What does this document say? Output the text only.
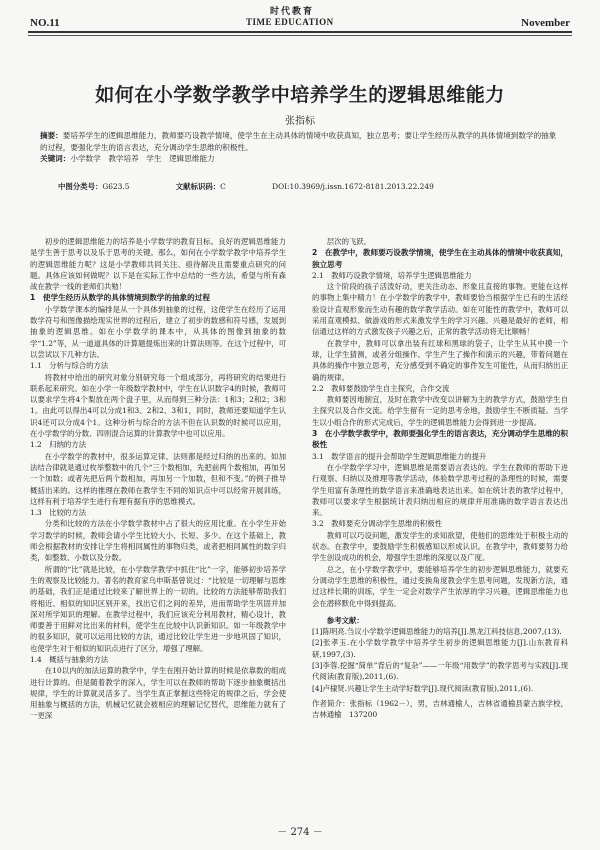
时代教育
NO.11	TIME EDUCATION	November
如何在小学数学教学中培养学生的逻辑思维能力
张指标
摘要：要培养学生的逻辑思维能力，教师要巧设教学情境，使学生在主动具体的情境中收获真知，独立思考；要让学生经历从教学的具体情境到数学的抽象的过程，要强化学生的语言表达，充分调动学生思维的积极性。
关键词：小学数学　教学培养　学生　逻辑思维能力
中图分类号：G623.5	文献标识码：C	DOI:10.3969/j.issn.1672-8181.2013.22.249

初步的逻辑思维能力的培养是小学数学的教育目标。良好的逻辑思维能力是学生善于思考以及乐于思考的关键。那么，如何在小学数学教学中培养学生的逻辑思维能力呢？这是小学教师共同关注、亟待解决且需要重点研究的问题。具体应该如何做呢？以下是在实际工作中总结的一些方法，希望与所有森战在教学一线的老师们共勉！

1　使学生经历从数学的具体情境到数学的抽象的过程

小学数学课本的编排是从一个具体到抽象的过程，这使学生在经历了运用数学符号和图像描绘现实世界的过程后，建立了初步的数感和符号感，发展到抽象的逻辑思维。如在小学数学的课本中，从具体的图像到抽象的数学“1.2”等，从一道道具体的计算题提炼出来的计算法则等。在这个过程中，可以尝试以下几种方法。

1.1　分析与综合的方法

将教材中给出的研究对象分别研究每一个组成部分，再将研究的结果进行联系起来研究。如在小学一年级数学教材中，学生在认识数字4的时候，教师可以要求学生将4个梨放在两个盘子里，从而得到三种分法：1和3；2和2；3和1。由此可以得出4可以分成1和3、2和2、3和1，同时，教师还要知道学生认识4还可以分成4个1。这种分析与综合的方法不但在认识数的时候可以应用，在小学数学的分数、四则混合运算的计算教学中也可以应用。

1.2　归纳的方法

在小学数学的教材中，很多运算定律、法则都是经过归纳的出来的。如加法结合律就是通过枚举整数中的几个“三个数相加，先把前两个数相加，再加另一个加数；或者先把后两个数相加，再加另一个加数，但和不变。”的例子推导概括出来的。这样的推理在教师在教学生不同的知识点中可以经常开展训练，这样有利于培养学生进行有理有据有序的思维模式。

1.3　比较的方法

分类和比较的方法在小学数学教材中占了很大的应用比重。在小学生开始学习数学的时候，教师会请小学生比较大小、长短、多少。在这个基础上，教师会根据教材的安排让学生将相同属性的事物归类，或者把相同属性的数字归类，如整数、小数以及分数。

所谓的“比”就是比较，在小学数学教学中抓住“比”一字，能够初步培养学生的观察及比较能力。著名的教育家乌申斯基曾说过：“比较是一切理解与思维的基础，我们正是通过比较来了解世界上的一切的。比较的方法能够帮助我们将相近、相似的知识区别开来，找出它们之间的差异，进而帮助学生巩固并加深对所学知识的理解。在教学过程中，我们应该充分利用教材，精心设计，教师要善于用鲜对比出来的材料，使学生在比较中认识新知识。如一年级教学中的很多知识，就可以运用比较的方法，通过比较让学生进一步地巩固了知识，也使学生对于相似的知识点进行了区分，增强了理解。

1.4　概括与抽象的方法

在10以内的加法运算的教学中，学生在刚开始计算的时候是依靠数的组成进行计算的。但是随着教学的深入，学生可以在教师的帮助下逐步抽象概括出规律，学生的计算就灵活多了。当学生真正掌握这些特定的规律之后，学会使用抽象与概括的方法，机械记忆就会被相应的理解记忆替代，思维能力就有了一更深

层次的飞跃。

2　在教学中，教师要巧设教学情境，使学生在主动具体的情境中收获真知，独立思考
2.1　教师巧设教学情境，培养学生逻辑思维能力

这个阶段的孩子活泼好动，更关注动态、形象且直接的事物。更能在这样的事物上集中精力！在小学数学的教学中，教师要恰当根据学生已有的生活经验设计直观形象而生动有趣的数学教学活动。如在可能性的教学中，教师可以采用直观模拟、做游戏的形式来激发学生的学习兴趣。兴趣是最好的老师，相信通过这样的方式激发孩子兴趣之后，正常的教学活动将无比顺畅！

在教学中，教师可以拿出装有红球和黑球的袋子，让学生从其中摸一个球，让学生猜测，或者分组操作。学生产生了操作和演示的兴趣，带着问题在具体的操作中独立思考，充分感受到不确定的事件发生可能性，从而归纳出正确的规律。

2.2　教师要鼓励学生自主探究，合作交流

教师要因地制宜，及时在教学中改变以讲解为主的教学方式，鼓励学生自主探究以及合作交流。给学生留有一定的思考余地，鼓励学生不断质疑。当学生以小组合作的形式完成后，学生的逻辑思维能力会得到进一步提高。

3　在小学数学教学中，教师要强化学生的语言表达，充分调动学生思维的积极性
3.1　数学语言的提升会帮助学生逻辑思维能力的提升

在小学数学学习中，逻辑思维是需要语言表达的。学生在教师的帮助下进行观察、归纳以及推理等教学活动，体验数学思考过程的条理性的时候，需要学生用富有条理性的数学语言来准确地表达出来。如在统计表的教学过程中，教师可以要求学生根据统计表归纳出相应的规律并用准确的数学语言表达出来。

3.2　教师要充分调动学生思维的积极性

教师可以巧设问题，激发学生的求知欲望，使他们的思维处于积极主动的状态。在教学中，要鼓励学生积极感知以形成认识。在教学中，教师要努力给学生创设成功的机会，增强学生思维的深度以及广度。

总之，在小学数学教学中，要能够培养学生的初步逻辑思维能力，就要充分调动学生思维的积极性，通过变换角度教会学生思考问题，发现新方法，通过这样长期的训练，学生一定会对数学产生浓厚的学习兴趣，逻辑思维能力也会在潜移默化中得到提高。

参考文献：

[1]陈明亮.刍议小学数学逻辑思维能力的培养[J].黑龙江科技信息,2007,(13).

[2]张孝玉.在小学数学教学中培养学生初步的逻辑思维能力[J].山东教育科研,1997,(3).

[3]李蓉.挖掘“简单”背后的“复杂”——一年级“用数学”的教学思考与实践[J].现代阅读(教育版),2011,(6).

[4]卢棣贤.兴趣让学生主动学好数学[J].现代阅读(教育版),2011,(6).

作者简介：张指标（1962－），男，吉林通榆人，吉林省通榆县蒙古族学校，吉林通榆　137200

－ 274 －
